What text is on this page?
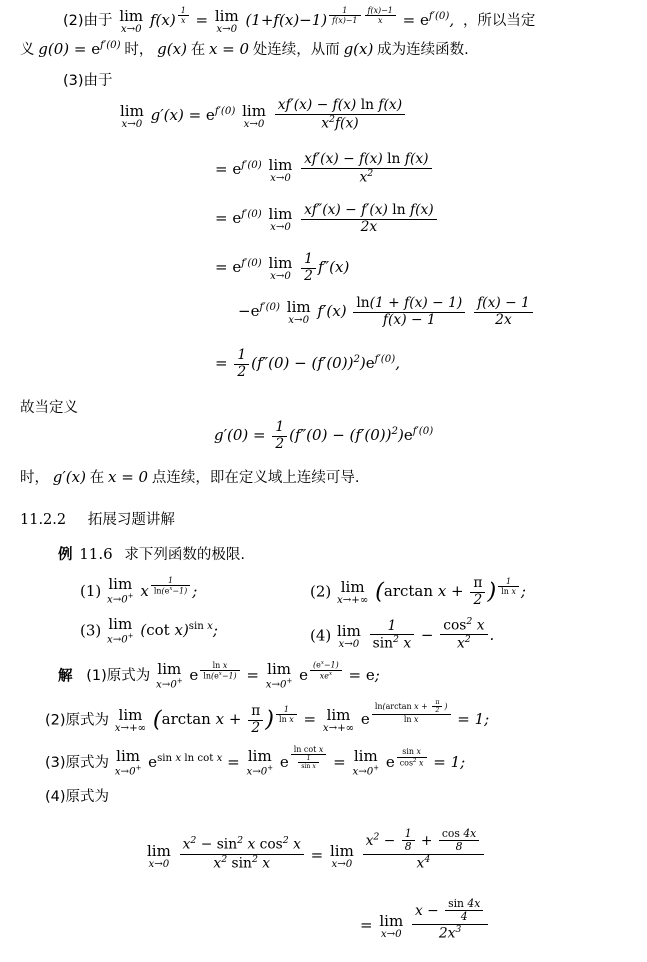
(2)由于 lim
x→0
f(x) $^{\frac{1}{x}}$ = lim
x→0
(1+f(x)−1) $^{\frac{1}{f(x)-1} \frac{f(x)-1}{x}} = e^{f'(0)}$, ，所以当定
义 $g(0) = e^{f'(0)}$ 时， g(x) 在 x = 0 处连续，从而 g(x) 成为连续函数.
(3)由于
lim
x→0
$g'(x) = e^{f'(0)}$ lim
x→0
$\frac{\text{xf′(x) − f(x) ln f(x)}}{x^2f(x)}$
= $e^{f'(0)}$ lim
x→0
$\frac{\text{xf′(x) − f(x) ln f(x)}}{x^2}$
= $e^{f'(0)}$ lim
x→0
$\frac{\text{xf″(x) − f′(x) ln f(x)}}{2x}$
= $e^{f'(0)}$ lim
x→0
$\frac{1}{2} f''(x)$
$-e^{f'(0)}$ lim
x→0
$f'(x) \frac{\ln(1 + f(x) - 1)}{f(x) - 1}$
$\frac{f(x) - 1}{2x}$
= $\frac{1}{2} (f''(0) - (f'(0))^2)e^{f'(0)}$,
故当定义
$g'(0) = \frac{1}{2} (f''(0) - (f'(0))^2)e^{f'(0)}$
时， g′(x) 在 x = 0 点连续，即在定义域上连续可导.
11.2.2 拓展习题讲解
例 11.6 求下列函数的极限.
(1) lim
x→0+ x $^{\frac{1}{\ln(e^x-1)}}$ ;	(2) lim
x→+∞ (arctan $x + \frac{\pi}{2}$ ) $^{\frac{1}{\text{ln x}}}$ ;
(3) lim
x→0+ (cot x)$^{sin x}$;	(4) lim
x→0
$\frac{1}{\sin^2 x} - \frac{\cos^2 x}{x^2}$ .
解 (1)原式为 lim
x→0+ e $^{\frac{\text{ln x}}{\ln(e^x-1)}}$ = lim
x→0+ e $^{\frac{(e^x-1)}{xe^x}}$ = e;
(2)原式为 lim
x→+∞ (arctan $x + \frac{\pi}{2}$ ) $^{\frac{1}{\text{ln x}}}$ = lim
x→+∞
e $^{\frac{\ln(\arctan x + \frac{\pi}{2} )}{\text{ln x}}}$ = 1;
(3)原式为 lim
x→0+ $e^{sin x ln cot x} = \lim$
x→0+ e $^{\frac{\text{ln cot x}}{\frac{1}{\text{sin x}}}}$ = lim
x→0+ e $^{\frac{\text{sin x}}{\cos^2 x}}$ = 1;
(4)原式为
lim
x→0
$\frac{x^2 - \sin^2 x \cos^2 x}{x^2 \sin^2 x} = \lim$
x→0
$\frac{x^2 - \frac{1}{8} + \frac{\cos 4x}{8}}{x^4}$
= lim
x→0
$\frac{x - \frac{\sin 4x}{4}}{2x^3}$
